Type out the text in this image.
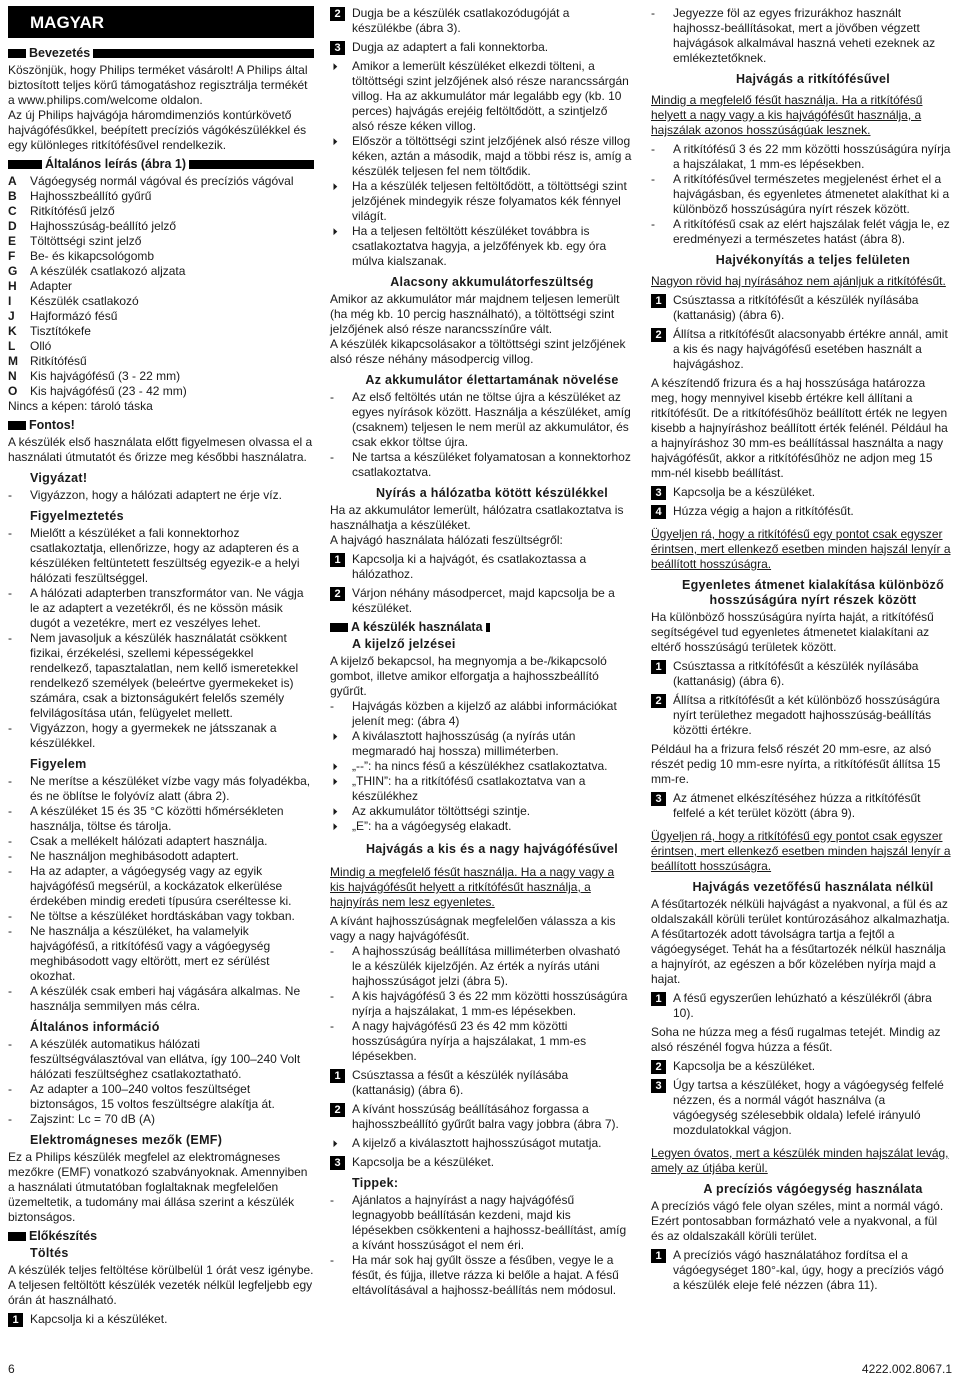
MAGYAR
Bevezetés

Köszönjük, hogy Philips terméket vásárolt! A Philips által biztosított teljes körű támogatáshoz regisztrálja termékét a www.philips.com/welcome oldalon.

Az új Philips hajvágója háromdimenziós kontúrkövető hajvágófésűkkel, beépített precíziós vágókészülékkel és egy különleges ritkítófésűvel rendelkezik.

Általános leírás (ábra 1)
A	Vágóegység normál vágóval és precíziós vágóval
B	Hajhosszbeállító gyűrű
C	Ritkítófésű jelző
D	Hajhosszúság-beállító jelző
E	Töltöttségi szint jelző
F	Be- és kikapcsológomb
G	A készülék csatlakozó aljzata
H	Adapter
I	Készülék csatlakozó
J	Hajformázó fésű
K	Tisztítókefe
L	Olló
M	Ritkítófésű
N	Kis hajvágófésű (3 - 22 mm)
O	Kis hajvágófésű (23 - 42 mm)

Nincs a képen: tároló táska

Fontos!

A készülék első használata előtt figyelmesen olvassa el a használati útmutatót és őrizze meg későbbi használatra.

Vigyázat!

- Vigyázzon, hogy a hálózati adaptert ne érje víz.

Figyelmeztetés

- Mielőtt a készüléket a fali konnektorhoz csatlakoztatja, ellenőrizze, hogy az adapteren és a készüléken feltüntetett feszültség egyezik-e a helyi hálózati feszültséggel.

- A hálózati adapterben transzformátor van. Ne vágja le az adaptert a vezetékről, és ne kössön másik dugót a vezetékre, mert ez veszélyes lehet.

- Nem javasoljuk a készülék használatát csökkent fizikai, érzékelési, szellemi képességekkel rendelkező, tapasztalatlan, nem kellő ismeretekkel rendelkező személyek (beleértve gyermekeket is) számára, csak a biztonságukért felelős személy felvilágosítása után, felügyelet mellett.

- Vigyázzon, hogy a gyermekek ne játsszanak a készülékkel.

Figyelem

- Ne merítse a készüléket vízbe vagy más folyadékba, és ne öblítse le folyóvíz alatt (ábra 2).

- A készüléket 15 és 35 °C közötti hőmérsékleten használja, töltse és tárolja.

- Csak a mellékelt hálózati adaptert használja.

- Ne használjon meghibásodott adaptert.

- Ha az adapter, a vágóegység vagy az egyik hajvágófésű megsérül, a kockázatok elkerülése érdekében mindig eredeti típusúra cseréltesse ki.

- Ne töltse a készüléket hordtáskában vagy tokban.

- Ne használja a készüléket, ha valamelyik hajvágófésű, a ritkítófésű vagy a vágóegység meghibásodott vagy eltörött, mert ez sérülést okozhat.

- A készülék csak emberi haj vágására alkalmas. Ne használja semmilyen más célra.

Általános információ

- A készülék automatikus hálózati feszültségválasztóval van ellátva, így 100–240 Volt hálózati feszültséghez csatlakoztatható.

- Az adapter a 100–240 voltos feszültséget biztonságos, 15 voltos feszültségre alakítja át.

- Zajszint: Lc = 70 dB (A)

Elektromágneses mezők (EMF)

Ez a Philips készülék megfelel az elektromágneses mezőkre (EMF) vonatkozó szabványoknak. Amennyiben a használati útmutatóban foglaltaknak megfelelően üzemeltetik, a tudomány mai állása szerint a készülék biztonságos.

Előkészítés
Töltés

A készülék teljes feltöltése körülbelül 1 órát vesz igénybe. A teljesen feltöltött készülék vezeték nélkül legfeljebb egy órán át használható.

1 Kapcsolja ki a készüléket.
2 Dugja be a készülék csatlakozódugóját a készülékbe (ábra 3).
3 Dugja az adaptert a fali konnektorba.

▶ Amikor a lemerült készüléket elkezdi tölteni, a töltöttségi szint jelzőjének alsó része narancssárgán villog. Ha az akkumulátor már legalább egy (kb. 10 perces) hajvágás erejéig feltöltődött, a szintjelző alsó része kéken villog.

▶ Először a töltöttségi szint jelzőjének alsó része villog kéken, aztán a második, majd a többi rész is, amíg a készülék teljesen fel nem töltődik.

▶ Ha a készülék teljesen feltöltődött, a töltöttségi szint jelzőjének mindegyik része folyamatos kék fénnyel világít.

▶ Ha a teljesen feltöltött készüléket továbbra is csatlakoztatva hagyja, a jelzőfények kb. egy óra múlva kialszanak.

Alacsony akkumulátorfeszültség

Amikor az akkumulátor már majdnem teljesen lemerült (ha még kb. 10 percig használható), a töltöttségi szint jelzőjének alsó része narancsszínűre vált.

A készülék kikapcsolásakor a töltöttségi szint jelzőjének alsó része néhány másodpercig villog.

Az akkumulátor élettartamának növelése

- Az első feltöltés után ne töltse újra a készüléket az egyes nyírások között. Használja a készüléket, amíg (csaknem) teljesen le nem merül az akkumulátor, és csak ekkor töltse újra.

- Ne tartsa a készüléket folyamatosan a konnektorhoz csatlakoztatva.

Nyírás a hálózatba kötött készülékkel

Ha az akkumulátor lemerült, hálózatra csatlakoztatva is használhatja a készüléket.

A hajvágó használata hálózati feszültségről:

1 Kapcsolja ki a hajvágót, és csatlakoztassa a hálózathoz.
2 Várjon néhány másodpercet, majd kapcsolja be a készüléket.
A készülék használata
A kijelző jelzései

A kijelző bekapcsol, ha megnyomja a be-/kikapcsoló gombot, illetve amikor elforgatja a hajhosszbeállító gyűrűt.

- Hajvágás közben a kijelző az alábbi információkat jelenít meg: (ábra 4)

▶ A kiválasztott hajhosszúság (a nyírás után megmaradó haj hossza) milliméterben.

▶ „--”: ha nincs fésű a készülékhez csatlakoztatva.

▶ „THIN”: ha a ritkítófésű csatlakoztatva van a készülékhez

▶ Az akkumulátor töltöttségi szintje.

▶ „E”: ha a vágóegység elakadt.

Hajvágás a kis és a nagy hajvágófésűvel

Mindig a megfelelő fésűt használja. Ha a nagy vagy a kis hajvágófésűt helyett a ritkítófésűt használja, a hajnyírás nem lesz egyenletes.

A kívánt hajhosszúságnak megfelelően válassza a kis vagy a nagy hajvágófésűt.

- A hajhosszúság beállítása milliméterben olvasható le a készülék kijelzőjén. Az érték a nyírás utáni hajhosszúságot jelzi (ábra 5).

- A kis hajvágófésű 3 és 22 mm közötti hosszúságúra nyírja a hajszálakat, 1 mm-es lépésekben.

- A nagy hajvágófésű 23 és 42 mm közötti hosszúságúra nyírja a hajszálakat, 1 mm-es lépésekben.

1 Csúsztassa a fésűt a készülék nyílásába (kattanásig) (ábra 6).
2 A kívánt hosszúság beállításához forgassa a hajhosszbeállító gyűrűt balra vagy jobbra (ábra 7).

▶ A kijelző a kiválasztott hajhosszúságot mutatja.

3 Kapcsolja be a készüléket.
Tippek:

- Ajánlatos a hajnyírást a nagy hajvágófésű legnagyobb beállításán kezdeni, majd kis lépésekben csökkenteni a hajhossz-beállítást, amíg a kívánt hosszúságot el nem éri.

- Ha már sok haj gyűlt össze a fésűben, vegye le a fésűt, és fújja, illetve rázza ki belőle a hajat. A fésű eltávolításával a hajhossz-beállítás nem módosul.

- Jegyezze föl az egyes frizurákhoz használt hajhossz-beállításokat, mert a jövőben végzett hajvágások alkalmával haszná veheti ezeknek az emlékeztetőknek.

Hajvágás a ritkítófésűvel

Mindig a megfelelő fésűt használja. Ha a ritkítófésű helyett a nagy vagy a kis hajvágófésűt használja, a hajszálak azonos hosszúságúak lesznek.

- A ritkítófésű 3 és 22 mm közötti hosszúságúra nyírja a hajszálakat, 1 mm-es lépésekben.

- A ritkítófésűvel természetes megjelenést érhet el a hajvágásban, és egyenletes átmenetet alakíthat ki a különböző hosszúságúra nyírt részek között.

- A ritkítófésű csak az elért hajszálak felét vágja le, ez eredményezi a természetes hatást (ábra 8).

Hajvékonyítás a teljes felületen

Nagyon rövid haj nyírásához nem ajánljuk a ritkítófésűt.

1 Csúsztassa a ritkítófésűt a készülék nyílásába (kattanásig) (ábra 6).
2 Állítsa a ritkítófésűt alacsonyabb értékre annál, amit a kis és nagy hajvágófésű esetében használt a hajvágáshoz.

A készítendő frizura és a haj hosszúsága határozza meg, hogy mennyivel kisebb értékre kell állítani a ritkítófésűt. De a ritkítófésűhöz beállított érték ne legyen kisebb a hajnyíráshoz beállított érték felénél. Például ha a hajnyíráshoz 30 mm-es beállítással használta a nagy hajvágófésűt, akkor a ritkítófésűhöz ne adjon meg 15 mm-nél kisebb beállítást.

3 Kapcsolja be a készüléket.
4 Húzza végig a hajon a ritkítófésűt.

Ügyeljen rá, hogy a ritkítófésű egy pontot csak egyszer érintsen, mert ellenkező esetben minden hajszál lenyír a beállított hosszúságra.

Egyenletes átmenet kialakítása különböző hosszúságúra nyírt részek között

Ha különböző hosszúságúra nyírta haját, a ritkítófésű segítségével tud egyenletes átmenetet kialakítani az eltérő hosszúságú területek között.

1 Csúsztassa a ritkítófésűt a készülék nyílásába (kattanásig) (ábra 6).
2 Állítsa a ritkítófésűt a két különböző hosszúságúra nyírt területhez megadott hajhosszúság-beállítás közötti értékre.

Például ha a frizura felső részét 20 mm-esre, az alsó részét pedig 10 mm-esre nyírta, a ritkítófésűt állítsa 15 mm-re.

3 Az átmenet elkészítéséhez húzza a ritkítófésűt felfelé a két terület között (ábra 9).

Ügyeljen rá, hogy a ritkítófésű egy pontot csak egyszer érintsen, mert ellenkező esetben minden hajszál lenyír a beállított hosszúságra.

Hajvágás vezetőfésű használata nélkül

A fésűtartozék nélküli hajvágást a nyakvonal, a fül és az oldalszakáll körüli terület kontúrozásához alkalmazhatja.

A fésűtartozék adott távolságra tartja a fejtől a vágóegységet. Tehát ha a fésűtartozék nélkül használja a hajnyírót, az egészen a bőr közelében nyírja majd a hajat.

1 A fésű egyszerűen lehúzható a készülékről (ábra 10).

Soha ne húzza meg a fésű rugalmas tetejét. Mindig az alsó részénél fogva húzza a fésűt.

2 Kapcsolja be a készüléket.
3 Úgy tartsa a készüléket, hogy a vágóegység felfelé nézzen, és a normál vágót használva (a vágóegység szélesebbik oldala) lefelé irányuló mozdulatokkal vágjon.

Legyen óvatos, mert a készülék minden hajszálat levág, amely az útjába kerül.

A precíziós vágóegység használata

A precíziós vágó fele olyan széles, mint a normál vágó. Ezért pontosabban formázható vele a nyakvonal, a fül és az oldalszakáll körüli terület.

1 A precíziós vágó használatához fordítsa el a vágóegységet 180°-kal, úgy, hogy a precíziós vágó a készülék eleje felé nézzen (ábra 11).
6	4222.002.8067.1
